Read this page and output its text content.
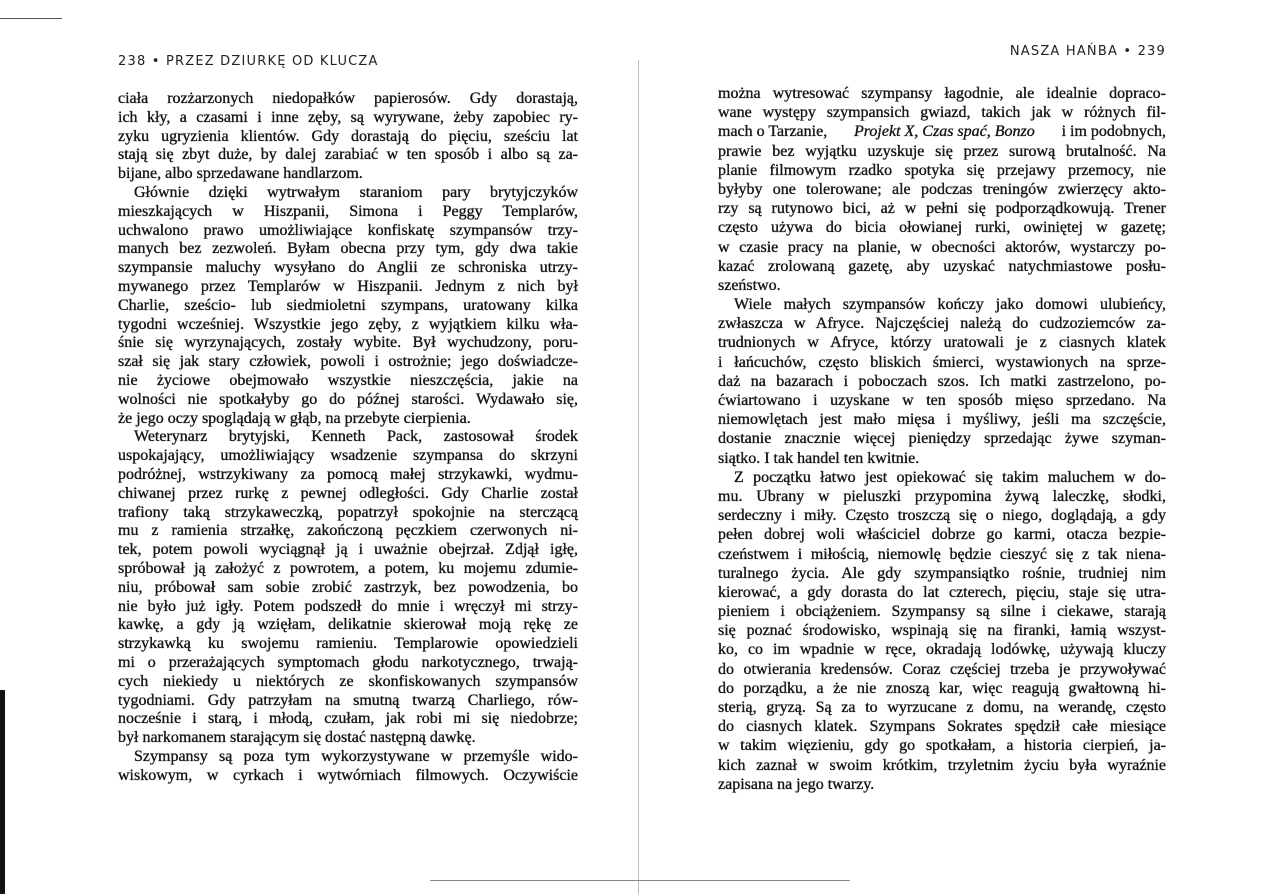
238 • PRZEZ DZIURKĘ OD KLUCZA
ciała rozżarzonych niedopałków papierosów. Gdy dorastają,
ich kły, a czasami i inne zęby, są wyrywane, żeby zapobiec ry-
zyku ugryzienia klientów. Gdy dorastają do pięciu, sześciu lat
stają się zbyt duże, by dalej zarabiać w ten sposób i albo są za-
bijane, albo sprzedawane handlarzom.
Głównie dzięki wytrwałym staraniom pary brytyjczyków
mieszkających w Hiszpanii, Simona i Peggy Templarów,
uchwalono prawo umożliwiające konfiskatę szympansów trzy-
manych bez zezwoleń. Byłam obecna przy tym, gdy dwa takie
szympansie maluchy wysyłano do Anglii ze schroniska utrzy-
mywanego przez Templarów w Hiszpanii. Jednym z nich był
Charlie, sześcio- lub siedmioletni szympans, uratowany kilka
tygodni wcześniej. Wszystkie jego zęby, z wyjątkiem kilku wła-
śnie się wyrzynających, zostały wybite. Był wychudzony, poru-
szał się jak stary człowiek, powoli i ostrożnie; jego doświadcze-
nie życiowe obejmowało wszystkie nieszczęścia, jakie na
wolności nie spotkałyby go do późnej starości. Wydawało się,
że jego oczy spoglądają w głąb, na przebyte cierpienia.
Weterynarz brytyjski, Kenneth Pack, zastosował środek
uspokajający, umożliwiający wsadzenie szympansa do skrzyni
podróżnej, wstrzykiwany za pomocą małej strzykawki, wydmu-
chiwanej przez rurkę z pewnej odległości. Gdy Charlie został
trafiony taką strzykaweczką, popatrzył spokojnie na sterczącą
mu z ramienia strzałkę, zakończoną pęczkiem czerwonych ni-
tek, potem powoli wyciągnął ją i uważnie obejrzał. Zdjął igłę,
spróbował ją założyć z powrotem, a potem, ku mojemu zdumie-
niu, próbował sam sobie zrobić zastrzyk, bez powodzenia, bo
nie było już igły. Potem podszedł do mnie i wręczył mi strzy-
kawkę, a gdy ją wzięłam, delikatnie skierował moją rękę ze
strzykawką ku swojemu ramieniu. Templarowie opowiedzieli
mi o przerażających symptomach głodu narkotycznego, trwają-
cych niekiedy u niektórych ze skonfiskowanych szympansów
tygodniami. Gdy patrzyłam na smutną twarzą Charliego, rów-
nocześnie i starą, i młodą, czułam, jak robi mi się niedobrze;
był narkomanem starającym się dostać następną dawkę.
Szympansy są poza tym wykorzystywane w przemyśle wido-
wiskowym, w cyrkach i wytwórniach filmowych. Oczywiście
NASZA HAŃBA • 239
można wytresować szympansy łagodnie, ale idealnie dopraco-
wane występy szympansich gwiazd, takich jak w różnych fil-
mach o Tarzanie, Projekt X, Czas spać, Bonzo i im podobnych,
prawie bez wyjątku uzyskuje się przez surową brutalność. Na
planie filmowym rzadko spotyka się przejawy przemocy, nie
byłyby one tolerowane; ale podczas treningów zwierzęcy akto-
rzy są rutynowo bici, aż w pełni się podporządkowują. Trener
często używa do bicia ołowianej rurki, owiniętej w gazetę;
w czasie pracy na planie, w obecności aktorów, wystarczy po-
kazać zrolowaną gazetę, aby uzyskać natychmiastowe posłu-
szeństwo.
Wiele małych szympansów kończy jako domowi ulubieńcy,
zwłaszcza w Afryce. Najczęściej należą do cudzoziemców za-
trudnionych w Afryce, którzy uratowali je z ciasnych klatek
i łańcuchów, często bliskich śmierci, wystawionych na sprze-
daż na bazarach i poboczach szos. Ich matki zastrzelono, po-
ćwiartowano i uzyskane w ten sposób mięso sprzedano. Na
niemowlętach jest mało mięsa i myśliwy, jeśli ma szczęście,
dostanie znacznie więcej pieniędzy sprzedając żywe szyman-
siątko. I tak handel ten kwitnie.
Z początku łatwo jest opiekować się takim maluchem w do-
mu. Ubrany w pieluszki przypomina żywą laleczkę, słodki,
serdeczny i miły. Często troszczą się o niego, doglądają, a gdy
pełen dobrej woli właściciel dobrze go karmi, otacza bezpie-
czeństwem i miłością, niemowlę będzie cieszyć się z tak niena-
turalnego życia. Ale gdy szympansiątko rośnie, trudniej nim
kierować, a gdy dorasta do lat czterech, pięciu, staje się utra-
pieniem i obciążeniem. Szympansy są silne i ciekawe, starają
się poznać środowisko, wspinają się na firanki, łamią wszyst-
ko, co im wpadnie w ręce, okradają lodówkę, używają kluczy
do otwierania kredensów. Coraz częściej trzeba je przywoływać
do porządku, a że nie znoszą kar, więc reagują gwałtowną hi-
sterią, gryzą. Są za to wyrzucane z domu, na werandę, często
do ciasnych klatek. Szympans Sokrates spędził całe miesiące
w takim więzieniu, gdy go spotkałam, a historia cierpień, ja-
kich zaznał w swoim krótkim, trzyletnim życiu była wyraźnie
zapisana na jego twarzy.
